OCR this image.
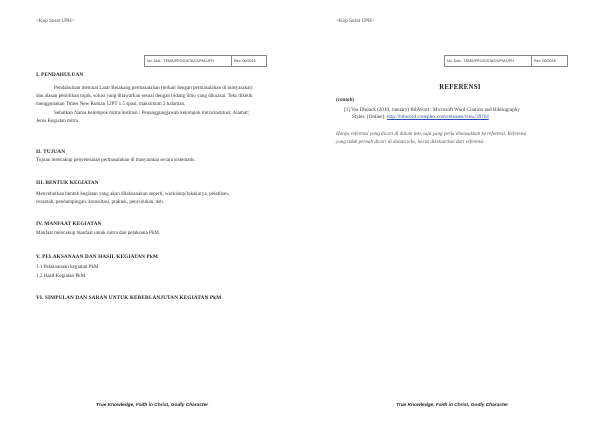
<Kop Surat UPH>
No. Dok.: TEMS/PROG/STA/03/PM-UPH	Rev. 00/2016
I. PENDAHULUAN
Pendahuluan memuat Latar Belakang permasalahan (terkait dengan permasalahan di masyarakat)
dan alasan pemilihan topik, solusi yang ditawarkan sesuai dengan bidang ilmu yang dikuasai. Teks diketik
menggunakan Times New Roman 12PT 1.5 spasi, maksimum 2 halaman.
Sebutkan Nama kelompok mitra/institusi ; Penanggungjawab kelompok mitra/institusi; Alamat;
Jenis Kegiatan mitra.
II. TUJUAN
Tujuan mencakup penyelesaian permasalahan di masyarakat secara sistematis.
III. BENTUK KEGIATAN
Menyebutkan bentuk kegiatan yang akan dilaksanakan seperti, workshop/lokakarya, pelatihan,
ceramah, pendampingan, konsultasi, praktek, penyuluhan, dsb.
IV. MANFAAT KEGIATAN
Manfaat mencakup manfaat untuk mitra dan pelaksana PkM.
V. PELAKSANAAN DAN HASIL KEGIATAN PkM
1.1 Pelaksanaan kegiatan PkM
1.2 Hasil Kegiatan PkM
VI. SIMPULAN DAN SARAN UNTUK KEBERLANJUTAN KEGIATAN PkM
True Knowledge, Faith in Christ, Godly Character
<Kop Surat UPH>
No. Dok.: TEMS/PROG/STA/03/PM-UPH	Rev. 00/2016
REFERENSI
(contoh)
[1] Vas Dhonck (2010, January) BibWord : Microsoft Word Citation and Bibliography
Styles. [Online]: http://bibword.codeplex.com/releases/view/39764
Hanya referensi yang dicari di dalam teks saja yang perlu dimasukkan ke referensi. Referensi
yang tidak pernah dicari di dalam teks, harus dikeluarkan dari referensi.
True Knowledge, Faith in Christ, Godly Character
